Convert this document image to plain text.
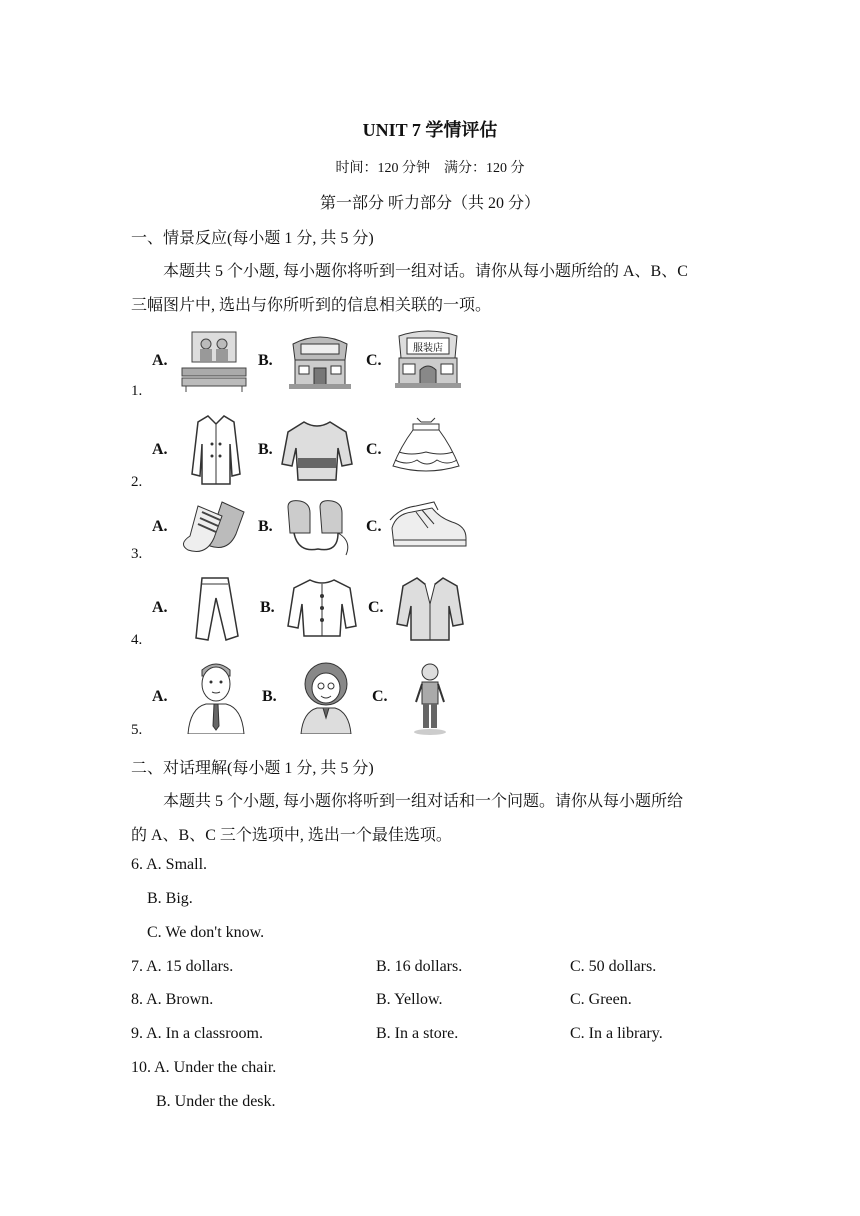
UNIT 7 学情评估
时间：120 分钟　满分：120 分
第一部分 听力部分（共 20 分）
一、情景反应(每小题 1 分, 共 5 分)
本题共 5 个小题, 每小题你将听到一组对话。请你从每小题所给的 A、B、C
三幅图片中, 选出与你所听到的信息相关联的一项。
1.
A.	B.	C.
服装店
2.
A.	B.	C.
3.
A.	B.	C.
4.
A.	B.	C.
5.
A.	B.	C.
二、对话理解(每小题 1 分, 共 5 分)
本题共 5 个小题, 每小题你将听到一组对话和一个问题。请你从每小题所给
的 A、B、C 三个选项中, 选出一个最佳选项。
6. A. Small.
B. Big.
C. We don't know.
7. A. 15 dollars.	B. 16 dollars.	C. 50 dollars.
8. A. Brown.	B. Yellow.	C. Green.
9. A. In a classroom.	B. In a store.	C. In a library.
10. A. Under the chair.
B. Under the desk.
